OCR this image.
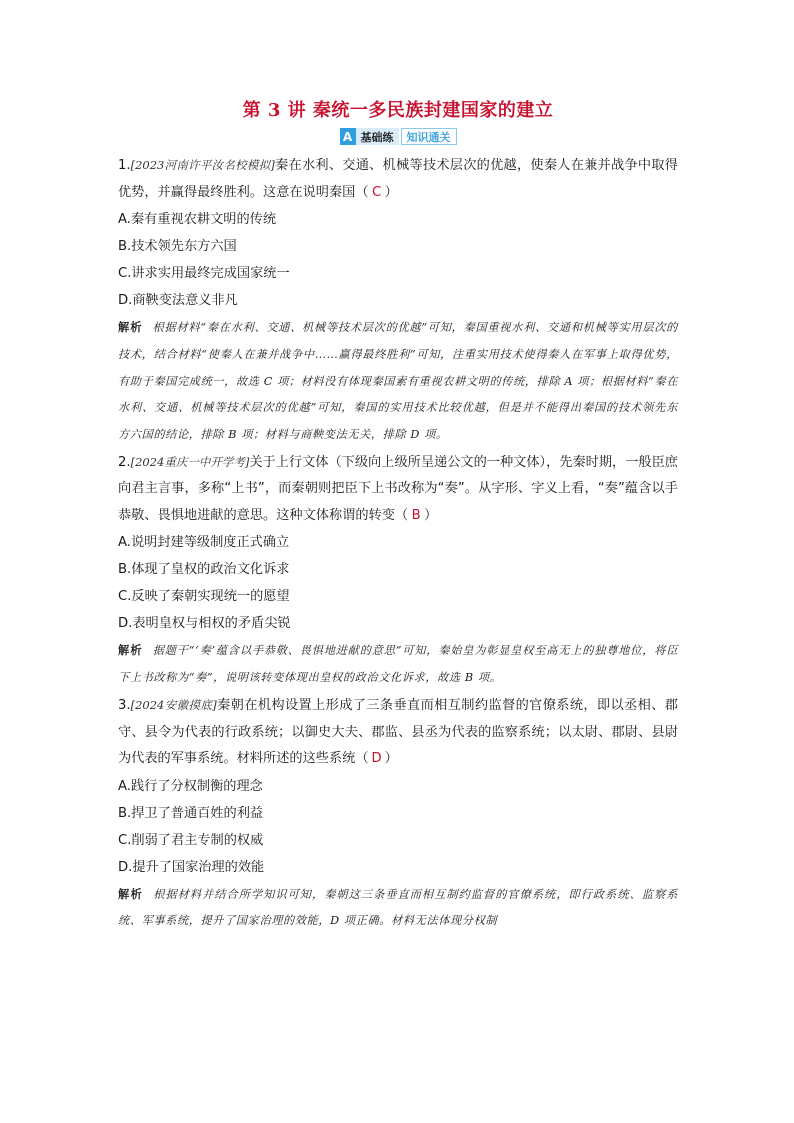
第 3 讲 秦统一多民族封建国家的建立
A 基础练	知识通关
1.[2023河南许平汝名校模拟]秦在水利、交通、机械等技术层次的优越，使秦人在兼并战争中取得优势，并赢得最终胜利。这意在说明秦国（ C ）
A.秦有重视农耕文明的传统
B.技术领先东方六国
C.讲求实用最终完成国家统一
D.商鞅变法意义非凡
解析 根据材料“秦在水利、交通、机械等技术层次的优越”可知，秦国重视水利、交通和机械等实用层次的技术，结合材料“使秦人在兼并战争中……赢得最终胜利”可知，注重实用技术使得秦人在军事上取得优势，有助于秦国完成统一，故选 C 项；材料没有体现秦国素有重视农耕文明的传统，排除 A 项；根据材料“秦在水利、交通、机械等技术层次的优越”可知，秦国的实用技术比较优越，但是并不能得出秦国的技术领先东方六国的结论，排除 B 项；材料与商鞅变法无关，排除 D 项。
2.[2024重庆一中开学考]关于上行文体（下级向上级所呈递公文的一种文体），先秦时期，一般臣庶向君主言事，多称“上书”，而秦朝则把臣下上书改称为“奏”。从字形、字义上看，“奏”蕴含以手恭敬、畏惧地进献的意思。这种文体称谓的转变（ B ）
A.说明封建等级制度正式确立
B.体现了皇权的政治文化诉求
C.反映了秦朝实现统一的愿望
D.表明皇权与相权的矛盾尖锐
解析 据题干“‘奏’蕴含以手恭敬、畏惧地进献的意思”可知，秦始皇为彰显皇权至高无上的独尊地位，将臣下上书改称为“奏”，说明该转变体现出皇权的政治文化诉求，故选 B 项。
3.[2024安徽摸底]秦朝在机构设置上形成了三条垂直而相互制约监督的官僚系统，即以丞相、郡守、县令为代表的行政系统；以御史大夫、郡监、县丞为代表的监察系统；以太尉、郡尉、县尉为代表的军事系统。材料所述的这些系统（ D ）
A.践行了分权制衡的理念
B.捍卫了普通百姓的利益
C.削弱了君主专制的权威
D.提升了国家治理的效能
解析 根据材料并结合所学知识可知，秦朝这三条垂直而相互制约监督的官僚系统，即行政系统、监察系统、军事系统，提升了国家治理的效能，D 项正确。材料无法体现分权制
